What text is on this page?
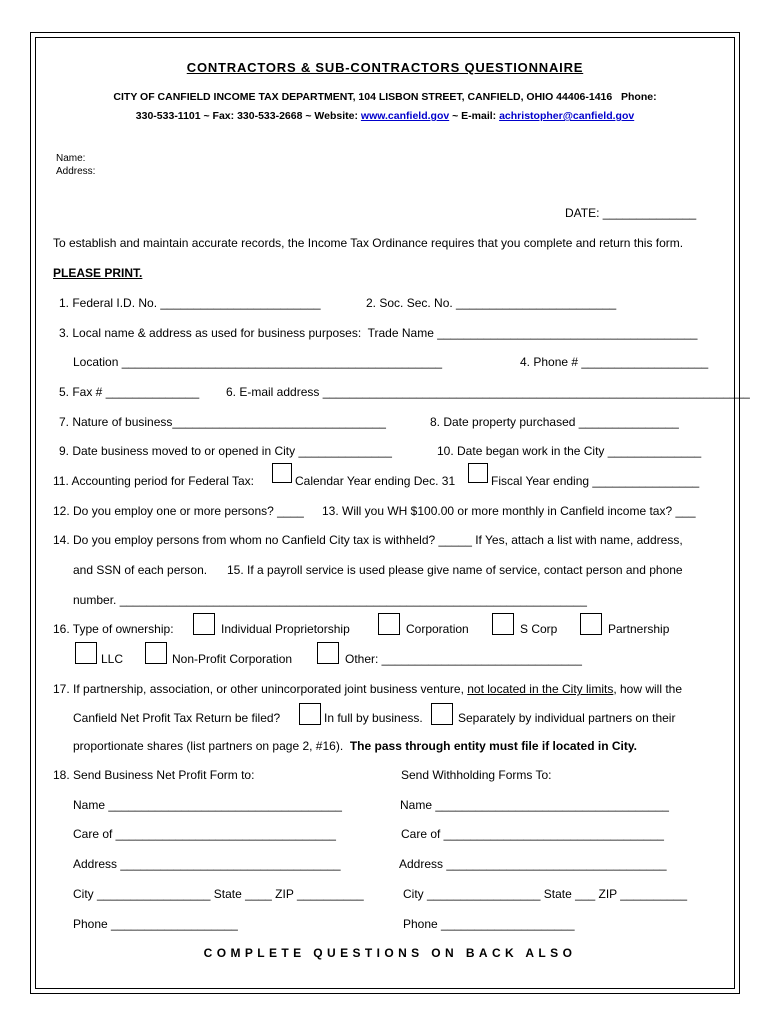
CONTRACTORS & SUB-CONTRACTORS QUESTIONNAIRE
CITY OF CANFIELD INCOME TAX DEPARTMENT, 104 LISBON STREET, CANFIELD, OHIO 44406-1416   Phone:
330-533-1101 ~ Fax: 330-533-2668 ~ Website: www.canfield.gov ~ E-mail: achristopher@canfield.gov
Name:
Address:
DATE: ______________
To establish and maintain accurate records, the Income Tax Ordinance requires that you complete and return this form.
PLEASE PRINT.
1. Federal I.D. No. ________________________	2. Soc. Sec. No. ________________________
3. Local name & address as used for business purposes:  Trade Name _______________________________________
Location ________________________________________________	4. Phone # ___________________
5. Fax # ______________ 6. E-mail address ________________________________________________________________
7. Nature of business________________________________	8. Date property purchased _______________
9. Date business moved to or opened in City ______________	10. Date began work in the City ______________
11. Accounting period for Federal Tax:	Calendar Year ending Dec. 31	Fiscal Year ending ________________
12. Do you employ one or more persons? ____ 13. Will you WH $100.00 or more monthly in Canfield income tax? ___
14. Do you employ persons from whom no Canfield City tax is withheld? _____ If Yes, attach a list with name, address,
and SSN of each person. 15. If a payroll service is used please give name of service, contact person and phone
number. ______________________________________________________________________
16. Type of ownership:	Individual Proprietorship	Corporation	S Corp	Partnership
LLC	Non-Profit Corporation	Other: ______________________________
17. If partnership, association, or other unincorporated joint business venture, not located in the City limits, how will the
Canfield Net Profit Tax Return be filed?	In full by business.	Separately by individual partners on their
proportionate shares (list partners on page 2, #16). The pass through entity must file if located in City.
18. Send Business Net Profit Form to:	Send Withholding Forms To:
Name ___________________________________	Name ___________________________________
Care of _________________________________	Care of _________________________________
Address _________________________________	Address _________________________________
City _________________ State ____ ZIP __________	City _________________ State ___ ZIP __________
Phone ___________________	Phone ____________________
COMPLETE QUESTIONS ON BACK ALSO
